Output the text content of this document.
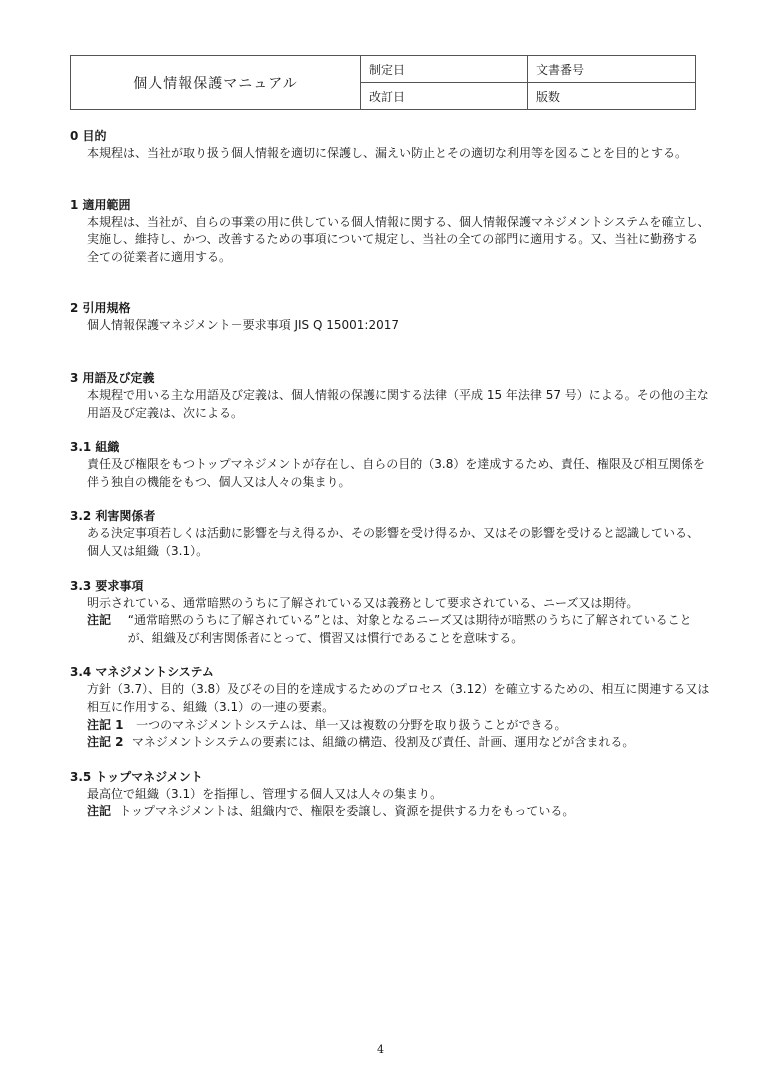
個人情報保護マニュアル	制定日	文書番号
	改訂日	版数
0 目的

本規程は、当社が取り扱う個人情報を適切に保護し、漏えい防止とその適切な利用等を図ることを目的とする。

1 適用範囲

本規程は、当社が、自らの事業の用に供している個人情報に関する、個人情報保護マネジメントシステムを確立し、実施し、維持し、かつ、改善するための事項について規定し、当社の全ての部門に適用する。又、当社に勤務する全ての従業者に適用する。

2 引用規格

個人情報保護マネジメント－要求事項 JIS Q 15001:2017

3 用語及び定義

本規程で用いる主な用語及び定義は、個人情報の保護に関する法律（平成 15 年法律 57 号）による。その他の主な用語及び定義は、次による。

3.1 組織

責任及び権限をもつトップマネジメントが存在し、自らの目的（3.8）を達成するため、責任、権限及び相互関係を伴う独自の機能をもつ、個人又は人々の集まり。

3.2 利害関係者

ある決定事項若しくは活動に影響を与え得るか、その影響を受け得るか、又はその影響を受けると認識している、個人又は組織（3.1）。

3.3 要求事項

明示されている、通常暗黙のうちに了解されている又は義務として要求されている、ニーズ又は期待。

注記
“通常暗黙のうちに了解されている”とは、対象となるニーズ又は期待が暗黙のうちに了解されていることが、組織及び利害関係者にとって、慣習又は慣行であることを意味する。
3.4 マネジメントシステム

方針（3.7）、目的（3.8）及びその目的を達成するためのプロセス（3.12）を確立するための、相互に関連する又は相互に作用する、組織（3.1）の一連の要素。

注記 1
一つのマネジメントシステムは、単一又は複数の分野を取り扱うことができる。
注記 2
マネジメントシステムの要素には、組織の構造、役割及び責任、計画、運用などが含まれる。
3.5 トップマネジメント

最高位で組織（3.1）を指揮し、管理する個人又は人々の集まり。

注記
トップマネジメントは、組織内で、権限を委譲し、資源を提供する力をもっている。
4
